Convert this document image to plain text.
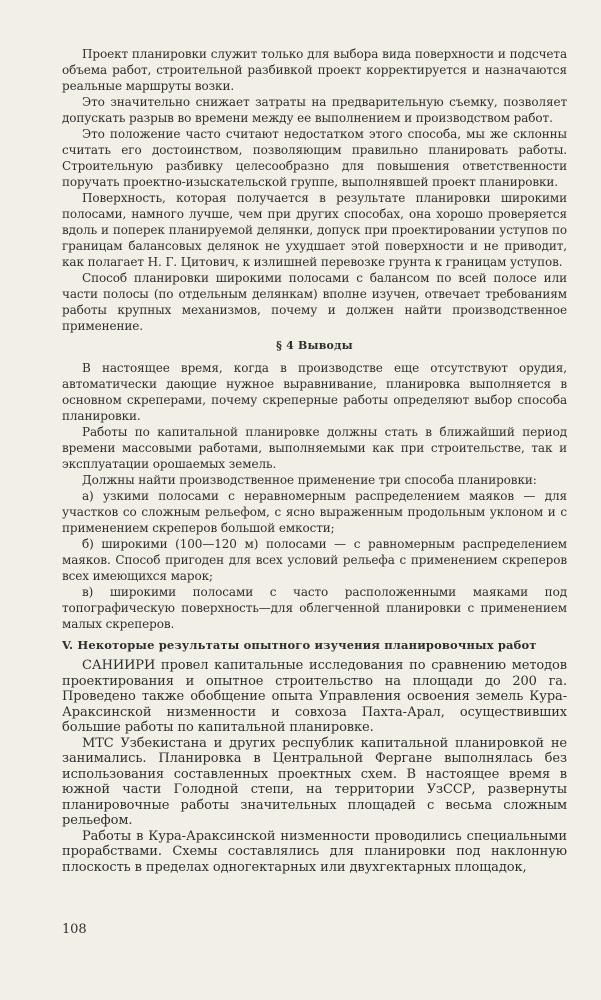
Проект планировки служит только для выбора вида поверхности и подсчета объема работ, строительной разбивкой проект корректируется и назначаются реальные маршруты возки.

Это значительно снижает затраты на предварительную съемку, позволяет допускать разрыв во времени между ее выполнением и производством работ.

Это положение часто считают недостатком этого способа, мы же склонны считать его достоинством, позволяющим правильно планировать работы. Строительную разбивку целесообразно для повышения ответственности поручать проектно-изыскательской группе, выполнявшей проект планировки.

Поверхность, которая получается в результате планировки широкими полосами, намного лучше, чем при других способах, она хорошо проверяется вдоль и поперек планируемой делянки, допуск при проектировании уступов по границам балансовых делянок не ухудшает этой поверхности и не приводит, как полагает Н. Г. Цитович, к излишней перевозке грунта к границам уступов.

Способ планировки широкими полосами с балансом по всей полосе или части полосы (по отдельным делянкам) вполне изучен, отвечает требованиям работы крупных механизмов, почему и должен найти производственное применение.

§ 4 Выводы

В настоящее время, когда в производстве еще отсутствуют орудия, автоматически дающие нужное выравнивание, планировка выполняется в основном скреперами, почему скреперные работы определяют выбор способа планировки.

Работы по капитальной планировке должны стать в ближайший период времени массовыми работами, выполняемыми как при строительстве, так и эксплуатации орошаемых земель.

Должны найти производственное применение три способа планировки:

а) узкими полосами с неравномерным распределением маяков — для участков со сложным рельефом, с ясно выраженным продольным уклоном и с применением скреперов большой емкости;

б) широкими (100—120 м) полосами — с равномерным распределением маяков. Способ пригоден для всех условий рельефа с применением скреперов всех имеющихся марок;

в) широкими полосами с часто расположенными маяками под топографическую поверхность—для облегченной планировки с применением малых скреперов.

V. Некоторые результаты опытного изучения планировочных работ

САНИИРИ провел капитальные исследования по сравнению методов проектирования и опытное строительство на площади до 200 га. Проведено также обобщение опыта Управления освоения земель Кура-Араксинской низменности и совхоза Пахта-Арал, осуществивших большие работы по капитальной планировке.

МТС Узбекистана и других республик капитальной планировкой не занимались. Планировка в Центральной Фергане выполнялась без использования составленных проектных схем. В настоящее время в южной части Голодной степи, на территории УзССР, развернуты планировочные работы значительных площадей с весьма сложным рельефом.

Работы в Кура-Араксинской низменности проводились специальными прорабствами. Схемы составлялись для планировки под наклонную плоскость в пределах одногектарных или двухгектарных площадок,

108
